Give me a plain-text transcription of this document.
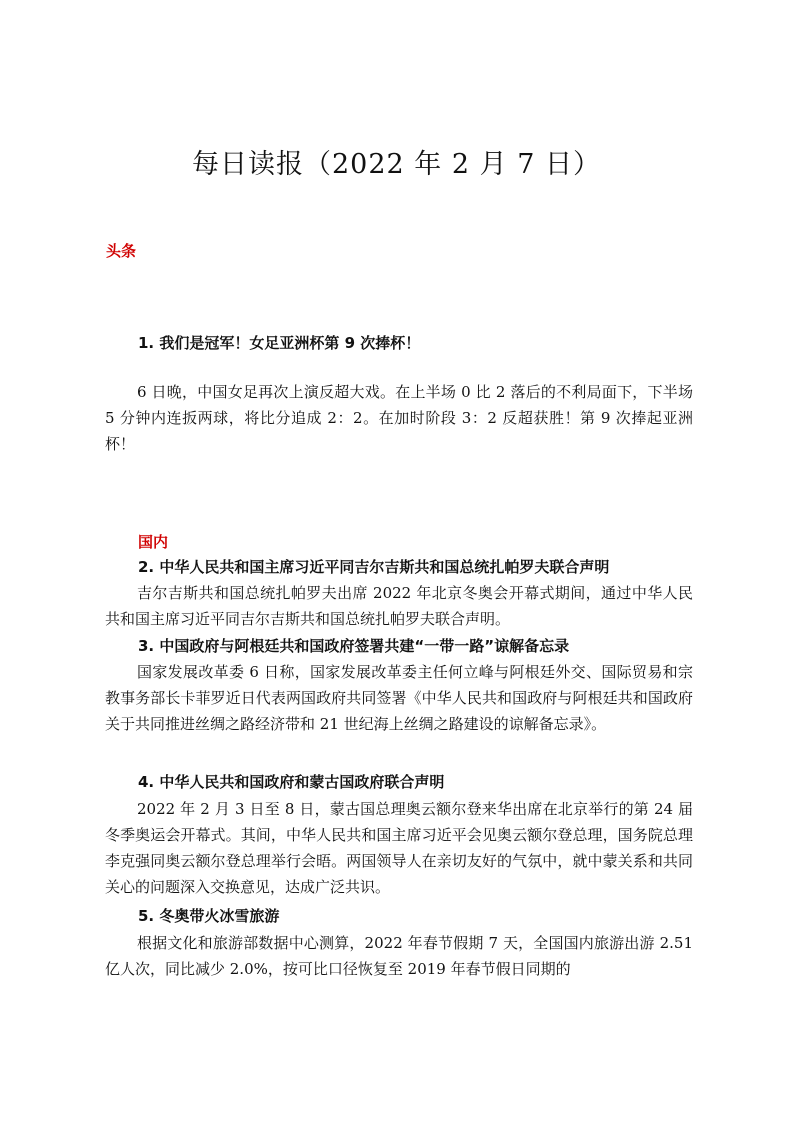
每日读报（2022 年 2 月 7 日）
头条
1. 我们是冠军！女足亚洲杯第 9 次捧杯！
6 日晚，中国女足再次上演反超大戏。在上半场 0 比 2 落后的不利局面下，下半场 5 分钟内连扳两球，将比分追成 2：2。在加时阶段 3：2 反超获胜！第 9 次捧起亚洲杯！
国内
2. 中华人民共和国主席习近平同吉尔吉斯共和国总统扎帕罗夫联合声明
吉尔吉斯共和国总统扎帕罗夫出席 2022 年北京冬奥会开幕式期间，通过中华人民共和国主席习近平同吉尔吉斯共和国总统扎帕罗夫联合声明。
3. 中国政府与阿根廷共和国政府签署共建“一带一路”谅解备忘录
国家发展改革委 6 日称，国家发展改革委主任何立峰与阿根廷外交、国际贸易和宗教事务部长卡菲罗近日代表两国政府共同签署《中华人民共和国政府与阿根廷共和国政府关于共同推进丝绸之路经济带和 21 世纪海上丝绸之路建设的谅解备忘录》。
4. 中华人民共和国政府和蒙古国政府联合声明
2022 年 2 月 3 日至 8 日，蒙古国总理奥云额尔登来华出席在北京举行的第 24 届冬季奥运会开幕式。其间，中华人民共和国主席习近平会见奥云额尔登总理，国务院总理李克强同奥云额尔登总理举行会晤。两国领导人在亲切友好的气氛中，就中蒙关系和共同关心的问题深入交换意见，达成广泛共识。
5. 冬奥带火冰雪旅游
根据文化和旅游部数据中心测算，2022 年春节假期 7 天，全国国内旅游出游 2.51 亿人次，同比减少 2.0%，按可比口径恢复至 2019 年春节假日同期的
